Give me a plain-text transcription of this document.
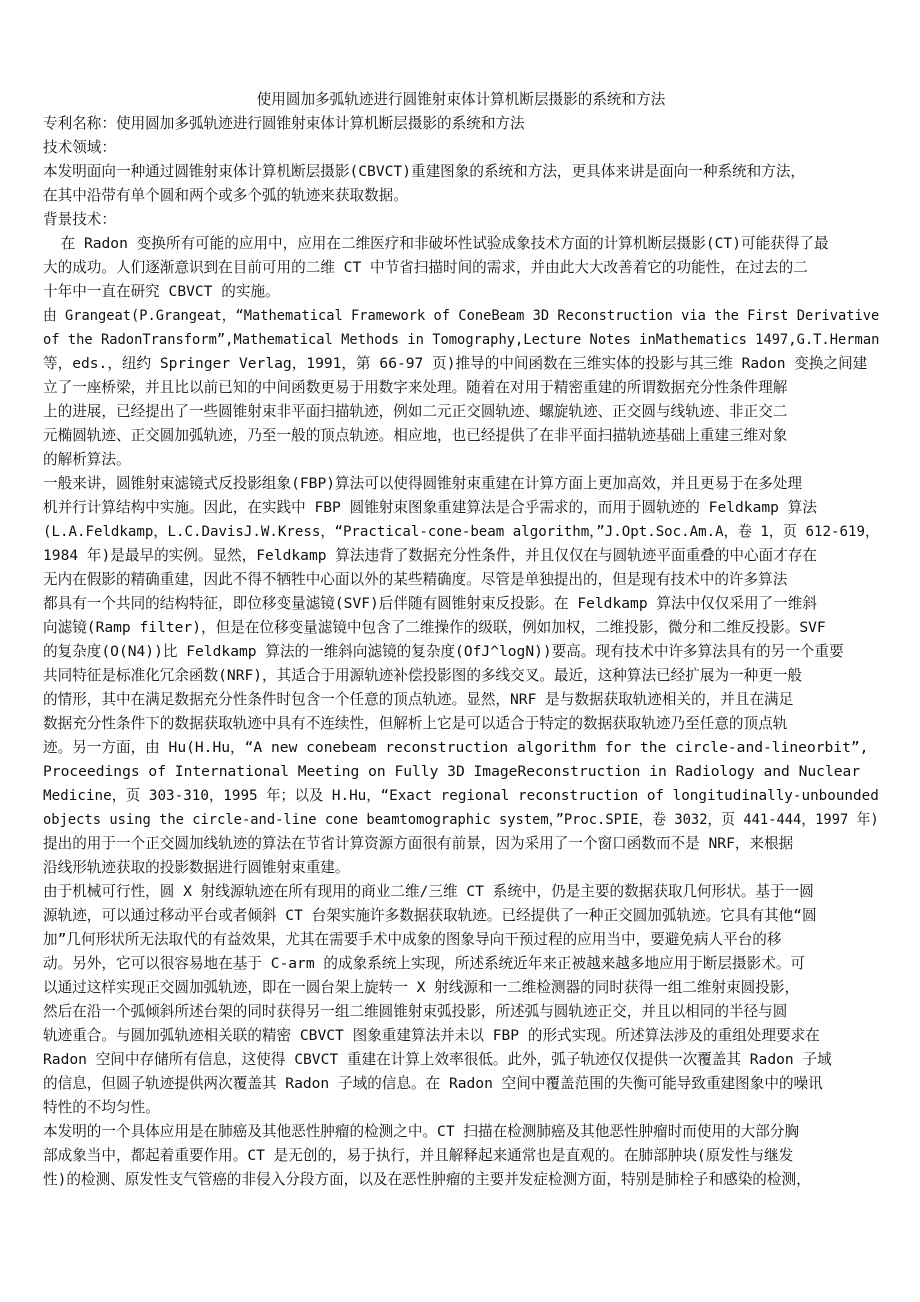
使用圆加多弧轨迹进行圆锥射束体计算机断层摄影的系统和方法
专利名称：使用圆加多弧轨迹进行圆锥射束体计算机断层摄影的系统和方法
技术领域：
本发明面向一种通过圆锥射束体计算机断层摄影(CBVCT)重建图象的系统和方法，更具体来讲是面向一种系统和方法，
在其中沿带有单个圆和两个或多个弧的轨迹来获取数据。
背景技术：
在 Radon 变换所有可能的应用中，应用在二维医疗和非破坏性试验成象技术方面的计算机断层摄影(CT)可能获得了最
大的成功。人们逐渐意识到在目前可用的二维 CT 中节省扫描时间的需求，并由此大大改善着它的功能性，在过去的二
十年中一直在研究 CBVCT 的实施。
由 Grangeat(P.Grangeat，“Mathematical Framework of ConeBeam 3D Reconstruction via the First Derivative
of the RadonTransform”,Mathematical Methods in Tomography,Lecture Notes inMathematics 1497,G.T.Herman
等，eds.，纽约 Springer Verlag，1991，第 66-97 页)推导的中间函数在三维实体的投影与其三维 Radon 变换之间建
立了一座桥梁，并且比以前已知的中间函数更易于用数字来处理。随着在对用于精密重建的所谓数据充分性条件理解
上的进展，已经提出了一些圆锥射束非平面扫描轨迹，例如二元正交圆轨迹、螺旋轨迹、正交圆与线轨迹、非正交二
元椭圆轨迹、正交圆加弧轨迹，乃至一般的顶点轨迹。相应地，也已经提供了在非平面扫描轨迹基础上重建三维对象
的解析算法。
一般来讲，圆锥射束滤镜式反投影组象(FBP)算法可以使得圆锥射束重建在计算方面上更加高效，并且更易于在多处理
机并行计算结构中实施。因此，在实践中 FBP 圆锥射束图象重建算法是合乎需求的，而用于圆轨迹的 Feldkamp 算法
(L.A.Feldkamp，L.C.DavisJ.W.Kress，“Practical-cone-beam algorithm，”J.Opt.Soc.Am.A，卷 1，页 612-619，
1984 年)是最早的实例。显然，Feldkamp 算法违背了数据充分性条件，并且仅仅在与圆轨迹平面重叠的中心面才存在
无内在假影的精确重建，因此不得不牺牲中心面以外的某些精确度。尽管是单独提出的，但是现有技术中的许多算法
都具有一个共同的结构特征，即位移变量滤镜(SVF)后伴随有圆锥射束反投影。在 Feldkamp 算法中仅仅采用了一维斜
向滤镜(Ramp filter)，但是在位移变量滤镜中包含了二维操作的级联，例如加权，二维投影，微分和二维反投影。SVF
的复杂度(O(N4))比 Feldkamp 算法的一维斜向滤镜的复杂度(OfJ^logN))要高。现有技术中许多算法具有的另一个重要
共同特征是标准化冗余函数(NRF)，其适合于用源轨迹补偿投影图的多线交叉。最近，这种算法已经扩展为一种更一般
的情形，其中在满足数据充分性条件时包含一个任意的顶点轨迹。显然，NRF 是与数据获取轨迹相关的，并且在满足
数据充分性条件下的数据获取轨迹中具有不连续性，但解析上它是可以适合于特定的数据获取轨迹乃至任意的顶点轨
迹。另一方面，由 Hu(H.Hu，“A new conebeam reconstruction algorithm for the circle-and-lineorbit”,
Proceedings of International Meeting on Fully 3D ImageReconstruction in Radiology and Nuclear
Medicine，页 303-310，1995 年；以及 H.Hu，“Exact regional reconstruction of longitudinally-unbounded
objects using the circle-and-line cone beamtomographic system，”Proc.SPIE，卷 3032，页 441-444，1997 年)
提出的用于一个正交圆加线轨迹的算法在节省计算资源方面很有前景，因为采用了一个窗口函数而不是 NRF，来根据
沿线形轨迹获取的投影数据进行圆锥射束重建。
由于机械可行性，圆 X 射线源轨迹在所有现用的商业二维/三维 CT 系统中，仍是主要的数据获取几何形状。基于一圆
源轨迹，可以通过移动平台或者倾斜 CT 台架实施许多数据获取轨迹。已经提供了一种正交圆加弧轨迹。它具有其他“圆
加”几何形状所无法取代的有益效果，尤其在需要手术中成象的图象导向干预过程的应用当中，要避免病人平台的移
动。另外，它可以很容易地在基于 C-arm 的成象系统上实现，所述系统近年来正被越来越多地应用于断层摄影术。可
以通过这样实现正交圆加弧轨迹，即在一圆台架上旋转一 X 射线源和一二维检测器的同时获得一组二维射束圆投影，
然后在沿一个弧倾斜所述台架的同时获得另一组二维圆锥射束弧投影，所述弧与圆轨迹正交，并且以相同的半径与圆
轨迹重合。与圆加弧轨迹相关联的精密 CBVCT 图象重建算法并未以 FBP 的形式实现。所述算法涉及的重组处理要求在
Radon 空间中存储所有信息，这使得 CBVCT 重建在计算上效率很低。此外，弧子轨迹仅仅提供一次覆盖其 Radon 子域
的信息，但圆子轨迹提供两次覆盖其 Radon 子域的信息。在 Radon 空间中覆盖范围的失衡可能导致重建图象中的噪讯
特性的不均匀性。
本发明的一个具体应用是在肺癌及其他恶性肿瘤的检测之中。CT 扫描在检测肺癌及其他恶性肿瘤时而使用的大部分胸
部成象当中，都起着重要作用。CT 是无创的，易于执行，并且解释起来通常也是直观的。在肺部肿块(原发性与继发
性)的检测、原发性支气管癌的非侵入分段方面，以及在恶性肿瘤的主要并发症检测方面，特别是肺栓子和感染的检测，
